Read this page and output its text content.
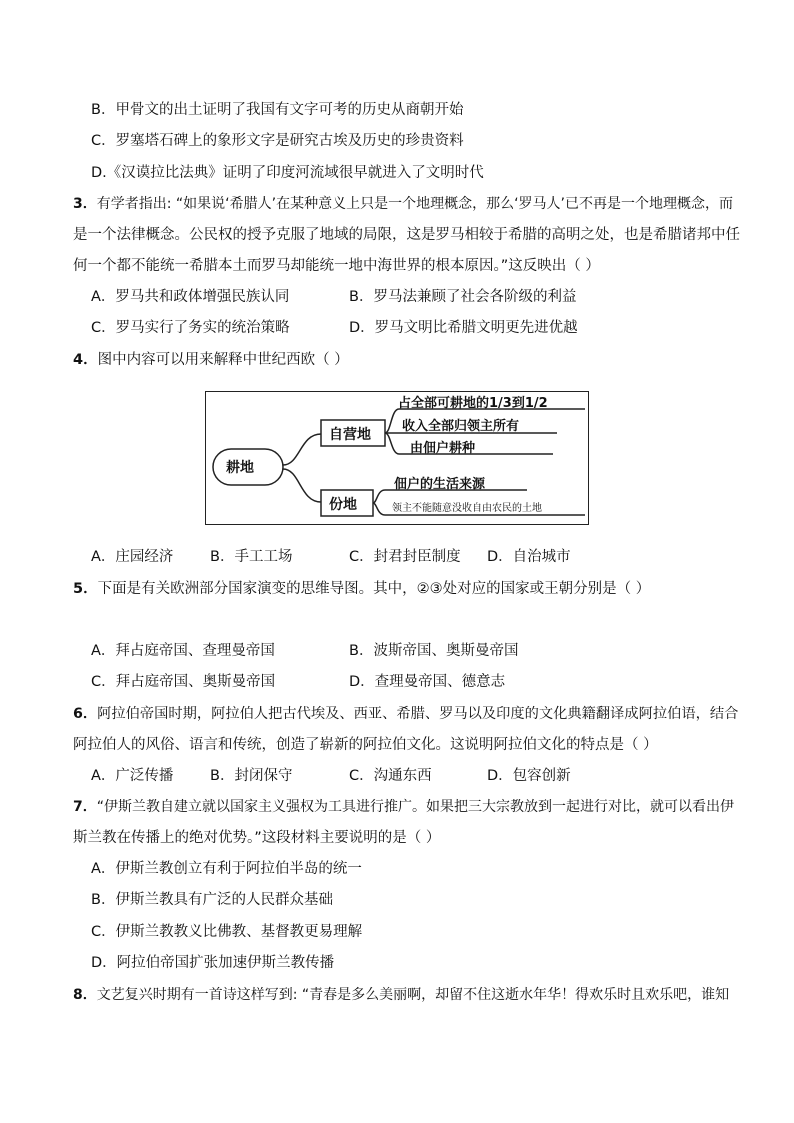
B．甲骨文的出土证明了我国有文字可考的历史从商朝开始
C．罗塞塔石碑上的象形文字是研究古埃及历史的珍贵资料
D.《汉谟拉比法典》证明了印度河流域很早就进入了文明时代
3．有学者指出: “如果说‘希腊人’在某种意义上只是一个地理概念，那么‘罗马人’已不再是一个地理概念，而
是一个法律概念。公民权的授予克服了地域的局限，这是罗马相较于希腊的高明之处，也是希腊诸邦中任
何一个都不能统一希腊本土而罗马却能统一地中海世界的根本原因。”这反映出（ ）
A．罗马共和政体增强民族认同	B．罗马法兼顾了社会各阶级的利益
C．罗马实行了务实的统治策略	D．罗马文明比希腊文明更先进优越
4．图中内容可以用来解释中世纪西欧（ ）
耕地
自营地
份地
占全部可耕地的1/3到1/2
收入全部归领主所有
由佃户耕种
佃户的生活来源
领主不能随意没收自由农民的土地
A．庄园经济	B．手工工场	C．封君封臣制度 D．自治城市
5．下面是有关欧洲部分国家演变的思维导图。其中，②③处对应的国家或王朝分别是（ ）
A．拜占庭帝国、查理曼帝国	B．波斯帝国、奥斯曼帝国
C．拜占庭帝国、奥斯曼帝国	D．查理曼帝国、德意志
6．阿拉伯帝国时期，阿拉伯人把古代埃及、西亚、希腊、罗马以及印度的文化典籍翻译成阿拉伯语，结合
阿拉伯人的风俗、语言和传统，创造了崭新的阿拉伯文化。这说明阿拉伯文化的特点是（ ）
A．广泛传播	B．封闭保守	C．沟通东西	D．包容创新
7．“伊斯兰教自建立就以国家主义强权为工具进行推广。如果把三大宗教放到一起进行对比，就可以看出伊
斯兰教在传播上的绝对优势。”这段材料主要说明的是（ ）
A．伊斯兰教创立有利于阿拉伯半岛的统一
B．伊斯兰教具有广泛的人民群众基础
C．伊斯兰教教义比佛教、基督教更易理解
D．阿拉伯帝国扩张加速伊斯兰教传播
8．文艺复兴时期有一首诗这样写到: “青春是多么美丽啊，却留不住这逝水年华！得欢乐时且欢乐吧，谁知
